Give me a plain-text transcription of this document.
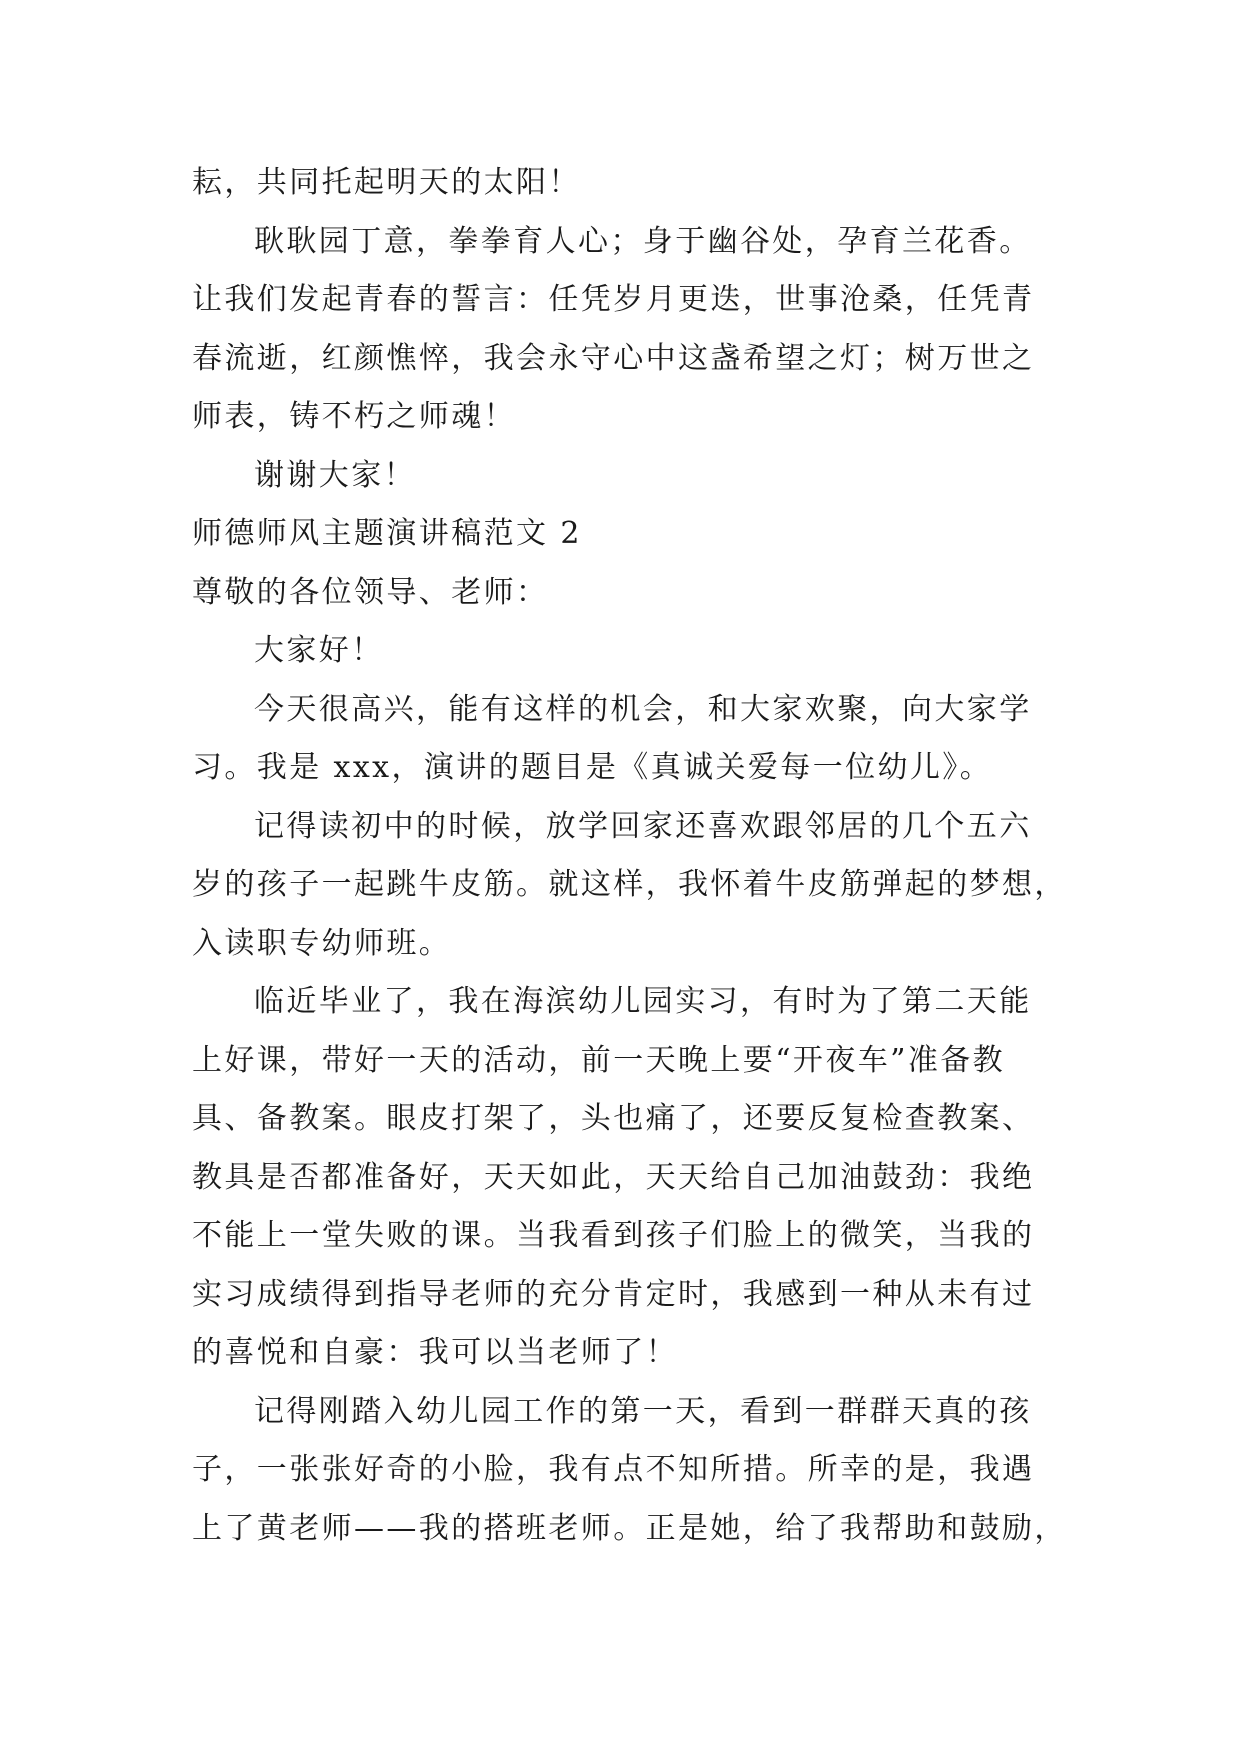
耘，共同托起明天的太阳！
耿耿园丁意，拳拳育人心；身于幽谷处，孕育兰花香。
让我们发起青春的誓言：任凭岁月更迭，世事沧桑，任凭青
春流逝，红颜憔悴，我会永守心中这盏希望之灯；树万世之
师表，铸不朽之师魂！
谢谢大家！
师德师风主题演讲稿范文 2
尊敬的各位领导、老师：
大家好！
今天很高兴，能有这样的机会，和大家欢聚，向大家学
习。我是 xxx，演讲的题目是《真诚关爱每一位幼儿》。
记得读初中的时候，放学回家还喜欢跟邻居的几个五六
岁的孩子一起跳牛皮筋。就这样，我怀着牛皮筋弹起的梦想，
入读职专幼师班。
临近毕业了，我在海滨幼儿园实习，有时为了第二天能
上好课，带好一天的活动，前一天晚上要“开夜车”准备教
具、备教案。眼皮打架了，头也痛了，还要反复检查教案、
教具是否都准备好，天天如此，天天给自己加油鼓劲：我绝
不能上一堂失败的课。当我看到孩子们脸上的微笑，当我的
实习成绩得到指导老师的充分肯定时，我感到一种从未有过
的喜悦和自豪：我可以当老师了！
记得刚踏入幼儿园工作的第一天，看到一群群天真的孩
子，一张张好奇的小脸，我有点不知所措。所幸的是，我遇
上了黄老师——我的搭班老师。正是她，给了我帮助和鼓励，
